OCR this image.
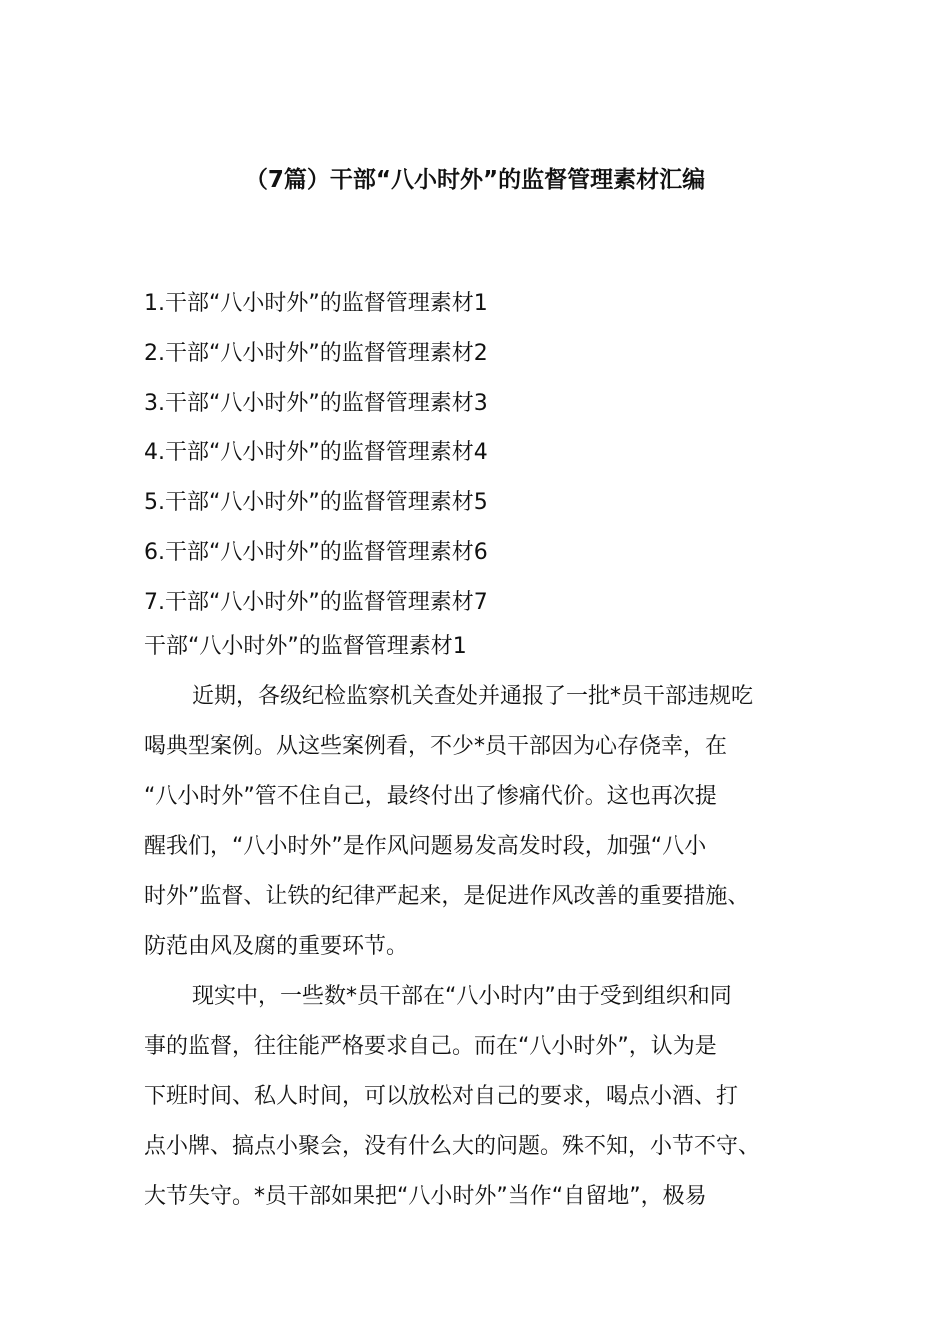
（7篇）干部“八小时外”的监督管理素材汇编
1.干部“八小时外”的监督管理素材1
2.干部“八小时外”的监督管理素材2
3.干部“八小时外”的监督管理素材3
4.干部“八小时外”的监督管理素材4
5.干部“八小时外”的监督管理素材5
6.干部“八小时外”的监督管理素材6
7.干部“八小时外”的监督管理素材7
干部“八小时外”的监督管理素材1
近期，各级纪检监察机关查处并通报了一批*员干部违规吃
喝典型案例。从这些案例看，不少*员干部因为心存侥幸，在
“八小时外”管不住自己，最终付出了惨痛代价。这也再次提
醒我们，“八小时外”是作风问题易发高发时段，加强“八小
时外”监督、让铁的纪律严起来，是促进作风改善的重要措施、
防范由风及腐的重要环节。
现实中，一些数*员干部在“八小时内”由于受到组织和同
事的监督，往往能严格要求自己。而在“八小时外”，认为是
下班时间、私人时间，可以放松对自己的要求，喝点小酒、打
点小牌、搞点小聚会，没有什么大的问题。殊不知，小节不守、
大节失守。*员干部如果把“八小时外”当作“自留地”，极易
